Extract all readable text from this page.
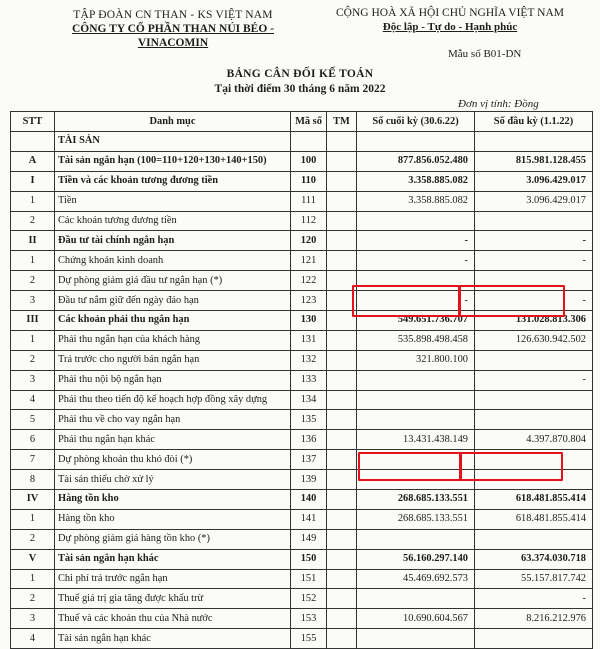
TẬP ĐOÀN CN THAN - KS VIỆT NAM
CÔNG TY CỔ PHẦN THAN NÚI BÉO -VINACOMIN
CỘNG HOÀ XÃ HỘI CHỦ NGHĨA VIỆT NAM
Độc lập - Tự do - Hạnh phúc
Mẫu số B01-DN
BẢNG CÂN ĐỐI KẾ TOÁN
Tại thời điểm 30 tháng 6 năm 2022
Đơn vị tính: Đồng
STT	Danh mục	Mã số	TM	Số cuối kỳ (30.6.22)	Số đầu kỳ (1.1.22)
	TÀI SẢN				
A	Tài sản ngắn hạn (100=110+120+130+140+150)	100		877.856.052.480	815.981.128.455
I	Tiền và các khoản tương đương tiền	110		3.358.885.082	3.096.429.017
1	Tiền	111		3.358.885.082	3.096.429.017
2	Các khoản tương đương tiền	112			
II	Đầu tư tài chính ngắn hạn	120		-	-
1	Chứng khoán kinh doanh	121		-	-
2	Dự phòng giảm giá đầu tư ngắn hạn (*)	122			
3	Đầu tư nắm giữ đến ngày đáo hạn	123		-	-
III	Các khoản phải thu ngắn hạn	130		549.651.736.707	131.028.813.306
1	Phải thu ngắn hạn của khách hàng	131		535.898.498.458	126.630.942.502
2	Trả trước cho người bán ngắn hạn	132		321.800.100	
3	Phải thu nội bộ ngắn hạn	133			-
4	Phải thu theo tiến độ kế hoạch hợp đồng xây dựng	134			
5	Phải thu về cho vay ngắn hạn	135			
6	Phải thu ngắn hạn khác	136		13.431.438.149	4.397.870.804
7	Dự phòng khoản thu khó đòi (*)	137			
8	Tài sản thiếu chờ xử lý	139			
IV	Hàng tồn kho	140		268.685.133.551	618.481.855.414
1	Hàng tồn kho	141		268.685.133.551	618.481.855.414
2	Dự phòng giảm giá hàng tồn kho (*)	149			
V	Tài sản ngắn hạn khác	150		56.160.297.140	63.374.030.718
1	Chi phí trả trước ngắn hạn	151		45.469.692.573	55.157.817.742
2	Thuế giá trị gia tăng được khấu trừ	152			-
3	Thuế và các khoản thu của Nhà nước	153		10.690.604.567	8.216.212.976
4	Tài sản ngắn hạn khác	155			
